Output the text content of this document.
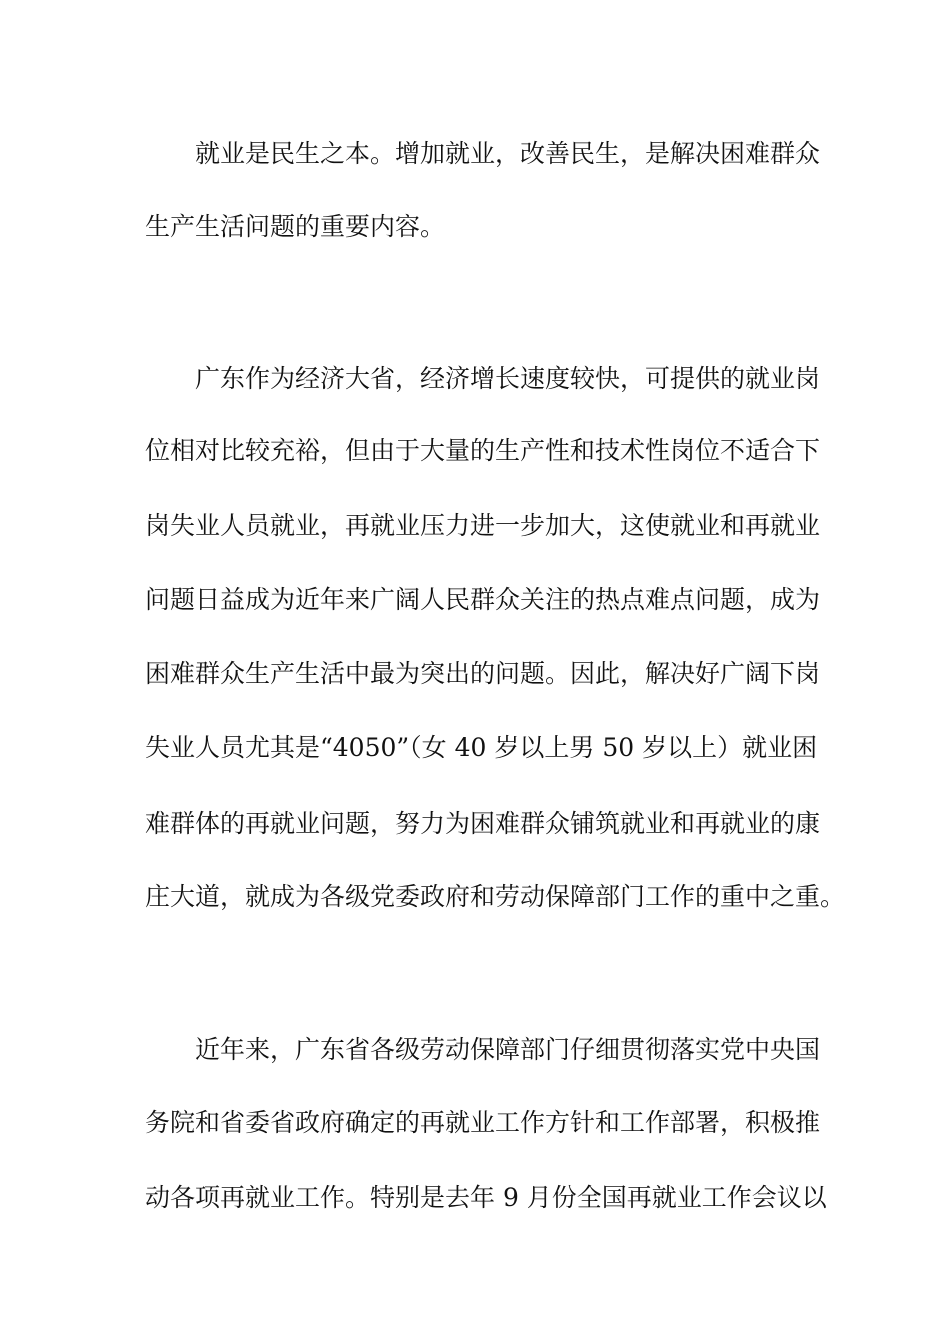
就业是民生之本。增加就业，改善民生，是解决困难群众
生产生活问题的重要内容。
广东作为经济大省，经济增长速度较快，可提供的就业岗
位相对比较充裕，但由于大量的生产性和技术性岗位不适合下
岗失业人员就业，再就业压力进一步加大，这使就业和再就业
问题日益成为近年来广阔人民群众关注的热点难点问题，成为
困难群众生产生活中最为突出的问题。因此，解决好广阔下岗
失业人员尤其是“4050”（女 40 岁以上男 50 岁以上）就业困
难群体的再就业问题，努力为困难群众铺筑就业和再就业的康
庄大道，就成为各级党委政府和劳动保障部门工作的重中之重。
近年来，广东省各级劳动保障部门仔细贯彻落实党中央国
务院和省委省政府确定的再就业工作方针和工作部署，积极推
动各项再就业工作。特别是去年 9 月份全国再就业工作会议以
